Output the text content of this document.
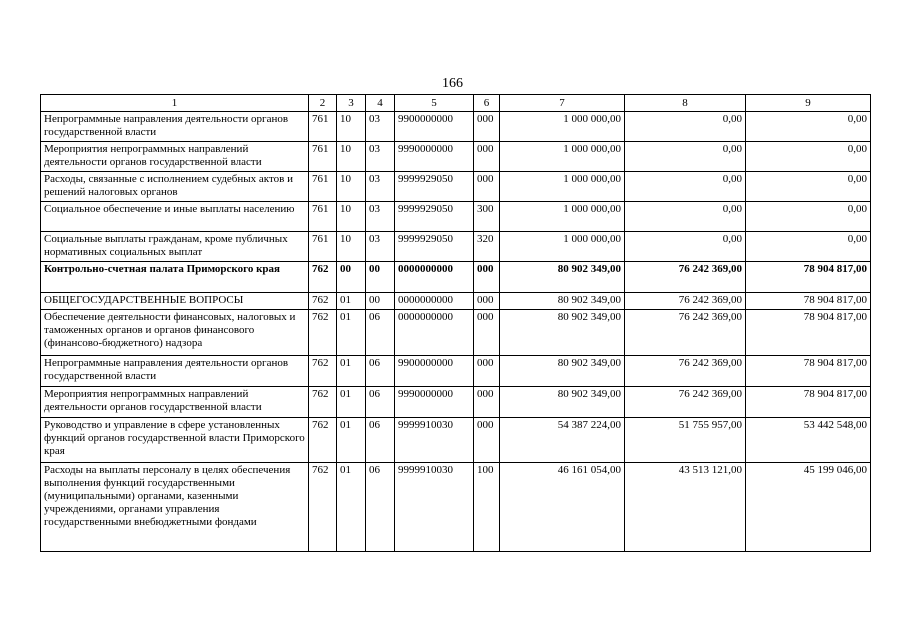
166
1	2	3	4	5	6	7	8	9
Непрограммные направления деятельности органов государственной власти	761	10	03	9900000000	000	1 000 000,00	0,00	0,00
Мероприятия непрограммных направлений деятельности органов государственной власти	761	10	03	9990000000	000	1 000 000,00	0,00	0,00
Расходы, связанные с исполнением судебных актов и решений налоговых органов	761	10	03	9999929050	000	1 000 000,00	0,00	0,00
Социальное обеспечение и иные выплаты населению	761	10	03	9999929050	300	1 000 000,00	0,00	0,00
Социальные выплаты гражданам, кроме публичных нормативных социальных выплат	761	10	03	9999929050	320	1 000 000,00	0,00	0,00
Контрольно-счетная палата Приморского края	762	00	00	0000000000	000	80 902 349,00	76 242 369,00	78 904 817,00
ОБЩЕГОСУДАРСТВЕННЫЕ ВОПРОСЫ	762	01	00	0000000000	000	80 902 349,00	76 242 369,00	78 904 817,00
Обеспечение деятельности финансовых, налоговых и таможенных органов и органов финансового (финансово-бюджетного) надзора	762	01	06	0000000000	000	80 902 349,00	76 242 369,00	78 904 817,00
Непрограммные направления деятельности органов государственной власти	762	01	06	9900000000	000	80 902 349,00	76 242 369,00	78 904 817,00
Мероприятия непрограммных направлений деятельности органов государственной власти	762	01	06	9990000000	000	80 902 349,00	76 242 369,00	78 904 817,00
Руководство и управление в сфере установленных функций органов государственной власти Приморского края	762	01	06	9999910030	000	54 387 224,00	51 755 957,00	53 442 548,00
Расходы на выплаты персоналу в целях обеспечения выполнения функций государственными (муниципальными) органами, казенными учреждениями, органами управления государственными внебюджетными фондами	762	01	06	9999910030	100	46 161 054,00	43 513 121,00	45 199 046,00
